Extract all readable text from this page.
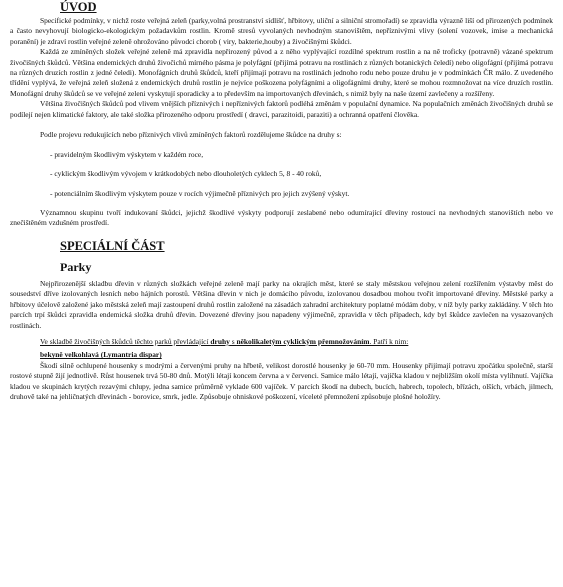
ÚVOD

Specifické podmínky, v nichž roste veřejná zeleň (parky,volná prostranství sídlišť, hřbitovy, uliční a silniční stromořadí) se zpravidla výrazně liší od přirozených podmínek a často nevyhovují biologicko-ekologickým požadavkům rostlin. Kromě stresů vyvolaných nevhodným stanovištěm, nepříznivými vlivy (solení vozovek, imise a mechanická poranění) je zdraví rostlin veřejné zeleně ohrožováno původci chorob ( viry, bakterie,houby) a živočišnými škůdci.

Každá ze zmíněných složek veřejné zeleně má zpravidla nepřirozený původ a z něho vyplývající rozdílné spektrum rostlin a na ně troficky (potravně) vázané spektrum živočišných škůdců. Většina endemických druhů živočichů mírného pásma je polyfágní (přijímá potravu na rostlinách z různých botanických čeledí) nebo oligofágní (přijímá potravu na různých druzích rostlin z jedné čeledi). Monofágních druhů škůdců, kteří přijímají potravu na rostlinách jednoho rodu nebo pouze druhu je v podmínkách ČR málo. Z uvedeného třídění vyplývá, že veřejná zeleň složená z endemických druhů rostlin je nejvíce poškozena polyfágními a oligofágními druhy, které se mohou rozmnožovat na více druzích rostlin. Monofágní druhy škůdců se ve veřejné zeleni vyskytují sporadicky a to především na importovaných dřevinách, s nimiž byly na naše území zavlečeny a rozšířeny.

Většina živočišných škůdců pod vlivem vnějších příznivých i nepříznivých faktorů podléhá změnám v populační dynamice. Na populačních změnách živočišných druhů se podílejí nejen klimatické faktory, ale také složka přirozeného odporu prostředí ( dravci, parazitoidi, paraziti) a ochranná opatření člověka.

Podle projevu redukujících nebo příznivých vlivů zmíněných faktorů rozdělujeme škůdce na druhy s:

- pravidelným škodlivým výskytem v každém roce,

- cyklickým škodlivým vývojem v krátkodobých nebo dlouholetých cyklech 5, 8 - 40 roků,

- potenciálním škodlivým výskytem pouze v rocích výjimečně příznivých pro jejich zvýšený výskyt.

Významnou skupinu tvoří indukovaní škůdci, jejichž škodlivé výskyty podporují zeslabené nebo odumírající dřeviny rostoucí na nevhodných stanovištích nebo ve znečištěném vzdušném prostředí.

SPECIÁLNÍ ČÁST
Parky

Nejpřirozenější skladbu dřevin v různých složkách veřejné zeleně mají parky na okrajích měst, které se staly městskou veřejnou zelení rozšířením výstavby měst do sousedství dříve izolovaných lesních nebo hájních porostů. Většina dřevin v nich je domácího původu, izolovanou dosadbou mohou tvořit importované dřeviny. Městské parky a hřbitovy účelově založené jako městská zeleň mají zastoupení druhů rostlin založené na zásadách zahradní architektury poplatné módám doby, v níž byly parky zakládány. V těch hto parcích trpí škůdci zpravidla endemická složka druhů dřevin. Dovezené dřeviny jsou napadeny výjimečně, zpravidla v těch případech, kdy byl škůdce zavlečen na vysazovaných rostlinách.

Ve skladbě živočišných škůdců těchto parků převládající druhy s několikaletým cyklickým přemnožováním. Patří k nim:

bekyně velkohlavá (Lymantria dispar)

Škodí silně ochlupené housenky s modrými a červenými pruhy na hřbetě, velikost dorostlé housenky je 60-70 mm. Housenky přijímají potravu zpočátku společně, starší rostové stupně žijí jednotlivě. Růst housenek trvá 50-80 dnů. Motýli létají koncem června a v červenci. Samice málo létají, vajíčka kladou v nejbližším okolí místa vylíhnutí. Vajíčka kladou ve skupinách krytých rezavými chlupy, jedna samice průměrně vyklade 600 vajíček. V parcích škodí na dubech, bucích, habrech, topolech, břízách, olších, vrbách, jilmech, druhově také na jehličnatých dřevinách - borovice, smrk, jedle. Způsobuje ohniskové poškození, víceleté přemnožení způsobuje plošné holožíry.
